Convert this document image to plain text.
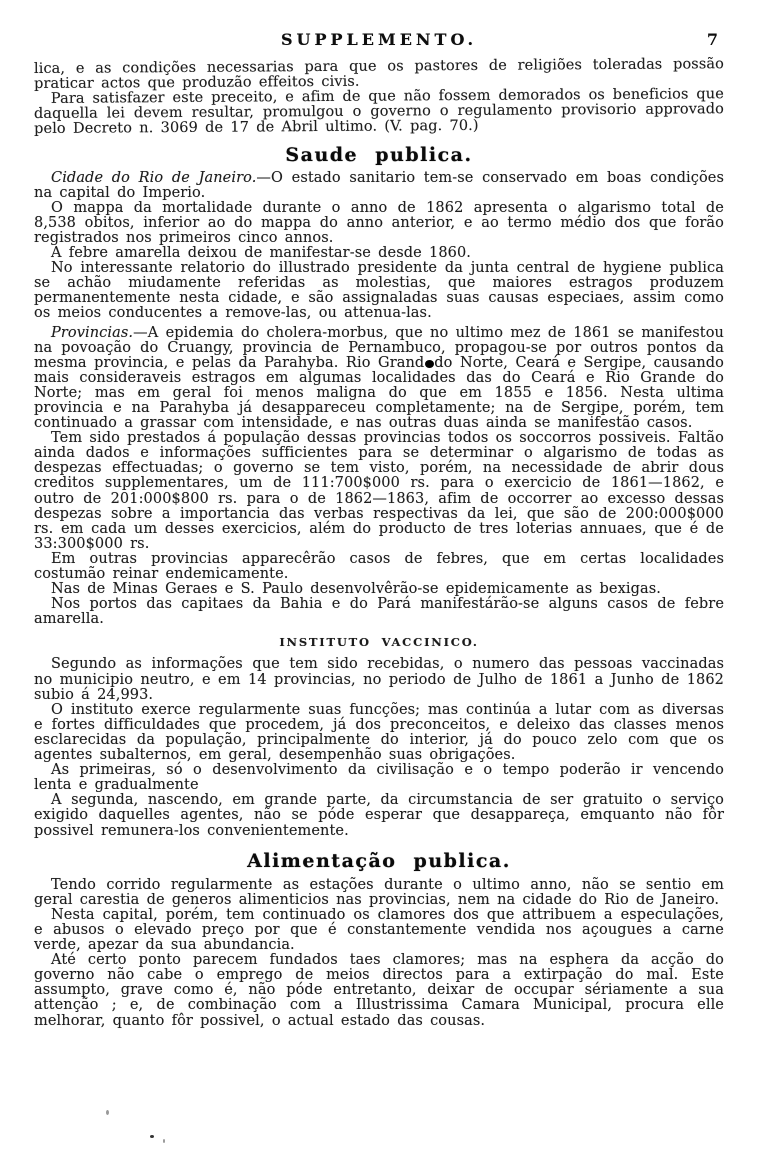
SUPPLEMENTO.	7

lica, e as condições necessarias para que os pastores de religiões toleradas possão praticar actos que produzão effeitos civis.

Para satisfazer este preceito, e afim de que não fossem demorados os beneficios que daquella lei devem resultar, promulgou o governo o regulamento provisorio approvado pelo Decreto n. 3069 de 17 de Abril ultimo. (V. pag. 70.)

Saude publica.

Cidade do Rio de Janeiro.—O estado sanitario tem-se conservado em boas condições na capital do Imperio.

O mappa da mortalidade durante o anno de 1862 apresenta o algarismo total de 8,538 obitos, inferior ao do mappa do anno anterior, e ao termo médio dos que forão registrados nos primeiros cinco annos.

A febre amarella deixou de manifestar-se desde 1860.

No interessante relatorio do illustrado presidente da junta central de hygiene publica se achão miudamente referidas as molestias, que maiores estragos produzem permanentemente nesta cidade, e são assignaladas suas causas especiaes, assim como os meios conducentes a remove-las, ou attenua-las.

Provincias.—A epidemia do cholera-morbus, que no ultimo mez de 1861 se manifestou na povoação do Cruangy, provincia de Pernambuco, propagou-se por outros pontos da mesma provincia, e pelas da Parahyba. Rio Grand do Norte, Ceará e Sergipe, causando mais consideraveis estragos em algumas localidades das do Ceará e Rio Grande do Norte; mas em geral foi menos maligna do que em 1855 e 1856. Nesta ultima provincia e na Parahyba já desappareceu completamente; na de Sergipe, porém, tem continuado a grassar com intensidade, e nas outras duas ainda se manifestão casos.

Tem sido prestados á população dessas provincias todos os soccorros possiveis. Faltão ainda dados e informações sufficientes para se determinar o algarismo de todas as despezas effectuadas; o governo se tem visto, porém, na necessidade de abrir dous creditos supplementares, um de 111:700$000 rs. para o exercicio de 1861—1862, e outro de 201:000$800 rs. para o de 1862—1863, afim de occorrer ao excesso dessas despezas sobre a importancia das verbas respectivas da lei, que são de 200:000$000 rs. em cada um desses exercicios, além do producto de tres loterias annuaes, que é de 33:300$000 rs.

Em outras provincias apparecêrão casos de febres, que em certas localidades costumão reinar endemicamente.

Nas de Minas Geraes e S. Paulo desenvolvêrão-se epidemicamente as bexigas.

Nos portos das capitaes da Bahia e do Pará manifestárão-se alguns casos de febre amarella.

INSTITUTO VACCINICO.

Segundo as informações que tem sido recebidas, o numero das pessoas vaccinadas no municipio neutro, e em 14 provincias, no periodo de Julho de 1861 a Junho de 1862 subio á 24,993.

O instituto exerce regularmente suas funcções; mas continúa a lutar com as diversas e fortes difficuldades que procedem, já dos preconceitos, e deleixo das classes menos esclarecidas da população, principalmente do interior, já do pouco zelo com que os agentes subalternos, em geral, desempenhão suas obrigações.

As primeiras, só o desenvolvimento da civilisação e o tempo poderão ir vencendo lenta e gradualmente

A segunda, nascendo, em grande parte, da circumstancia de ser gratuito o serviço exigido daquelles agentes, não se póde esperar que desappareça, emquanto não fôr possivel remunera-los convenientemente.

Alimentação publica.

Tendo corrido regularmente as estações durante o ultimo anno, não se sentio em geral carestia de generos alimenticios nas provincias, nem na cidade do Rio de Janeiro.

Nesta capital, porém, tem continuado os clamores dos que attribuem a especulações, e abusos o elevado preço por que é constantemente vendida nos açougues a carne verde, apezar da sua abundancia.

Até certo ponto parecem fundados taes clamores; mas na esphera da acção do governo não cabe o emprego de meios directos para a extirpação do mal. Este assumpto, grave como é, não póde entretanto, deixar de occupar sériamente a sua attenção ; e, de combinação com a Illustrissima Camara Municipal, procura elle melhorar, quanto fôr possivel, o actual estado das cousas.
